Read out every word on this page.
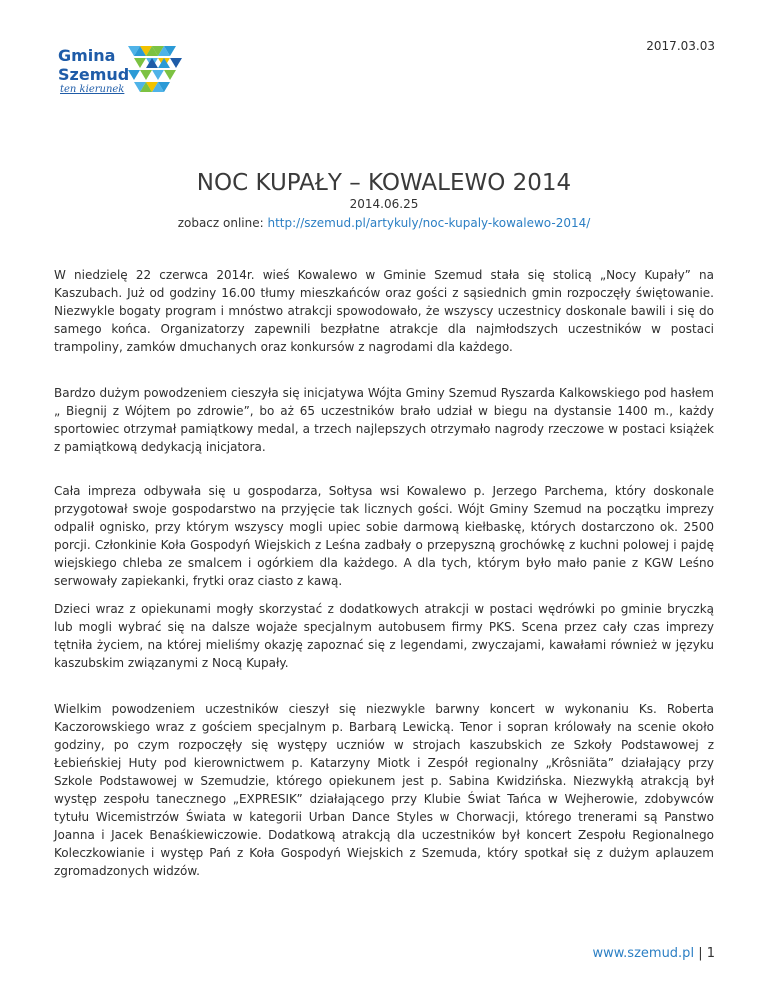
Gmina
Szemud
ten kierunek
2017.03.03
NOC KUPAŁY – KOWALEWO 2014
2014.06.25
zobacz online: http://szemud.pl/artykuly/noc-kupaly-kowalewo-2014/

W niedzielę 22 czerwca 2014r. wieś Kowalewo w Gminie Szemud stała się stolicą „Nocy Kupały” na Kaszubach. Już od godziny 16.00 tłumy mieszkańców oraz gości z sąsiednich gmin rozpoczęły świętowanie. Niezwykle bogaty program i mnóstwo atrakcji spowodowało, że wszyscy uczestnicy doskonale bawili i się do samego końca. Organizatorzy zapewnili bezpłatne atrakcje dla najmłodszych uczestników w postaci trampoliny, zamków dmuchanych oraz konkursów z nagrodami dla każdego.

Bardzo dużym powodzeniem cieszyła się inicjatywa Wójta Gminy Szemud Ryszarda Kalkowskiego pod hasłem „ Biegnij z Wójtem po zdrowie”, bo aż 65 uczestników brało udział w biegu na dystansie 1400 m., każdy sportowiec otrzymał pamiątkowy medal, a trzech najlepszych otrzymało nagrody rzeczowe w postaci książek z pamiątkową dedykacją inicjatora.

Cała impreza odbywała się u gospodarza, Sołtysa wsi Kowalewo p. Jerzego Parchema, który doskonale przygotował swoje gospodarstwo na przyjęcie tak licznych gości. Wójt Gminy Szemud na początku imprezy odpalił ognisko, przy którym wszyscy mogli upiec sobie darmową kiełbaskę, których dostarczono ok. 2500 porcji. Członkinie Koła Gospodyń Wiejskich z Leśna zadbały o przepyszną grochówkę z kuchni polowej i pajdę wiejskiego chleba ze smalcem i ogórkiem dla każdego. A dla tych, którym było mało panie z KGW Leśno serwowały zapiekanki, frytki oraz ciasto z kawą.

Dzieci wraz z opiekunami mogły skorzystać z dodatkowych atrakcji w postaci wędrówki po gminie bryczką lub mogli wybrać się na dalsze wojaże specjalnym autobusem firmy PKS. Scena przez cały czas imprezy tętniła życiem, na której mieliśmy okazję zapoznać się z legendami, zwyczajami, kawałami również w języku kaszubskim związanymi z Nocą Kupały.

Wielkim powodzeniem uczestników cieszył się niezwykle barwny koncert w wykonaniu Ks. Roberta Kaczorowskiego wraz z gościem specjalnym p. Barbarą Lewicką. Tenor i sopran królowały na scenie około godziny, po czym rozpoczęły się występy uczniów w strojach kaszubskich ze Szkoły Podstawowej z Łebieńskiej Huty pod kierownictwem p. Katarzyny Miotk i Zespół regionalny „Krôsniãta” działający przy Szkole Podstawowej w Szemudzie, którego opiekunem jest p. Sabina Kwidzińska. Niezwykłą atrakcją był występ zespołu tanecznego „EXPRESIK” działającego przy Klubie Świat Tańca w Wejherowie, zdobywców tytułu Wicemistrzów Świata w kategorii Urban Dance Styles w Chorwacji, którego trenerami są Panstwo Joanna i Jacek Benaśkiewiczowie. Dodatkową atrakcją dla uczestników był koncert Zespołu Regionalnego Koleczkowianie i występ Pań z Koła Gospodyń Wiejskich z Szemuda, który spotkał się z dużym aplauzem zgromadzonych widzów.

www.szemud.pl | 1
